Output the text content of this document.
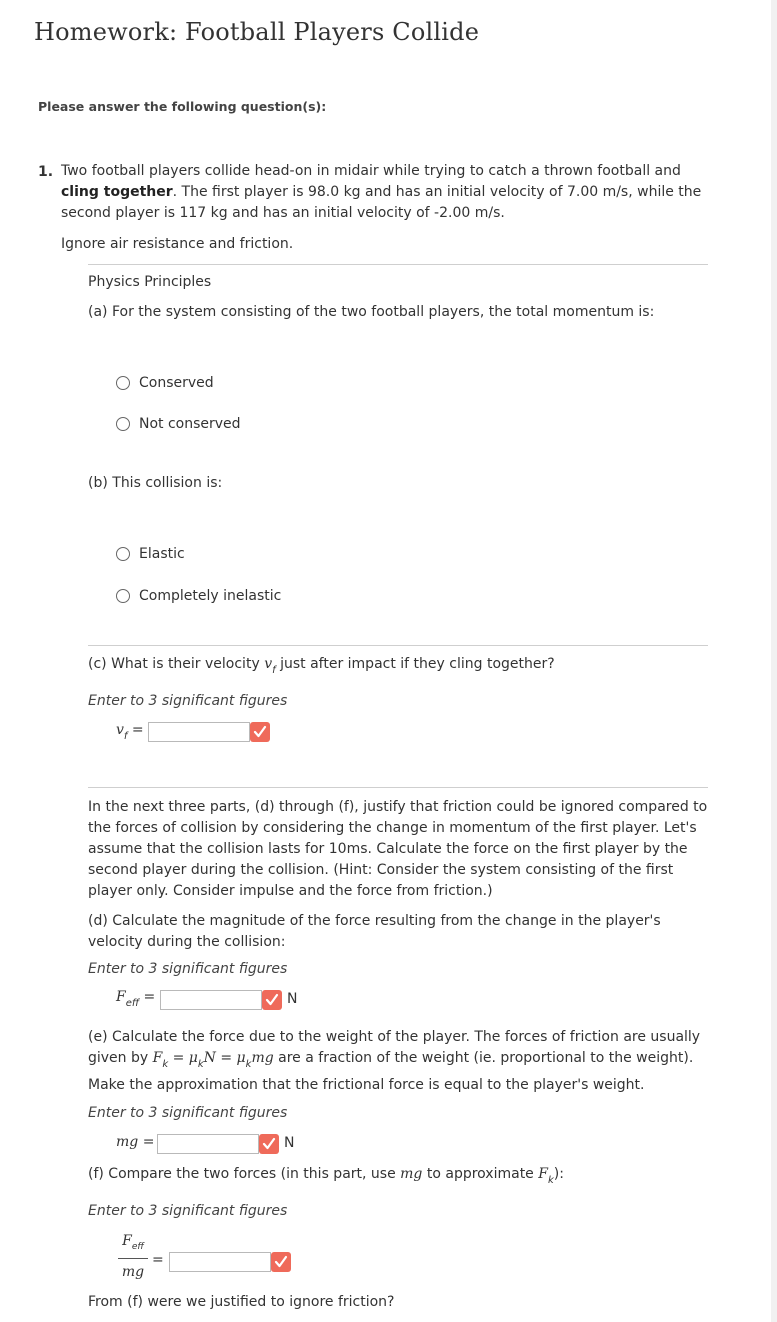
Homework: Football Players Collide
Please answer the following question(s):
1. Two football players collide head-on in midair while trying to catch a thrown football and cling together. The first player is 98.0 kg and has an initial velocity of 7.00 m/s, while the second player is 117 kg and has an initial velocity of -2.00 m/s.
Ignore air resistance and friction.
Physics Principles
(a) For the system consisting of the two football players, the total momentum is:
Conserved
Not conserved
(b) This collision is:
Elastic
Completely inelastic
(c) What is their velocity $v_f$ just after impact if they cling together?
Enter to 3 significant figures
$v_f$ =
In the next three parts, (d) through (f), justify that friction could be ignored compared to the forces of collision by considering the change in momentum of the first player. Let's assume that the collision lasts for 10ms. Calculate the force on the first player by the second player during the collision. (Hint: Consider the system consisting of the first player only. Consider impulse and the force from friction.)
(d) Calculate the magnitude of the force resulting from the change in the player's velocity during the collision:
Enter to 3 significant figures
$F_{eff}$ =	N
(e) Calculate the force due to the weight of the player. The forces of friction are usually given by $F_k = \mu_kN = \mu_kmg$ are a fraction of the weight (ie. proportional to the weight).
Make the approximation that the frictional force is equal to the player's weight.
Enter to 3 significant figures
mg =	N
(f) Compare the two forces (in this part, use mg to approximate $F_k$):
Enter to 3 significant figures
$F_{eff}$
mg
=
From (f) were we justified to ignore friction?
